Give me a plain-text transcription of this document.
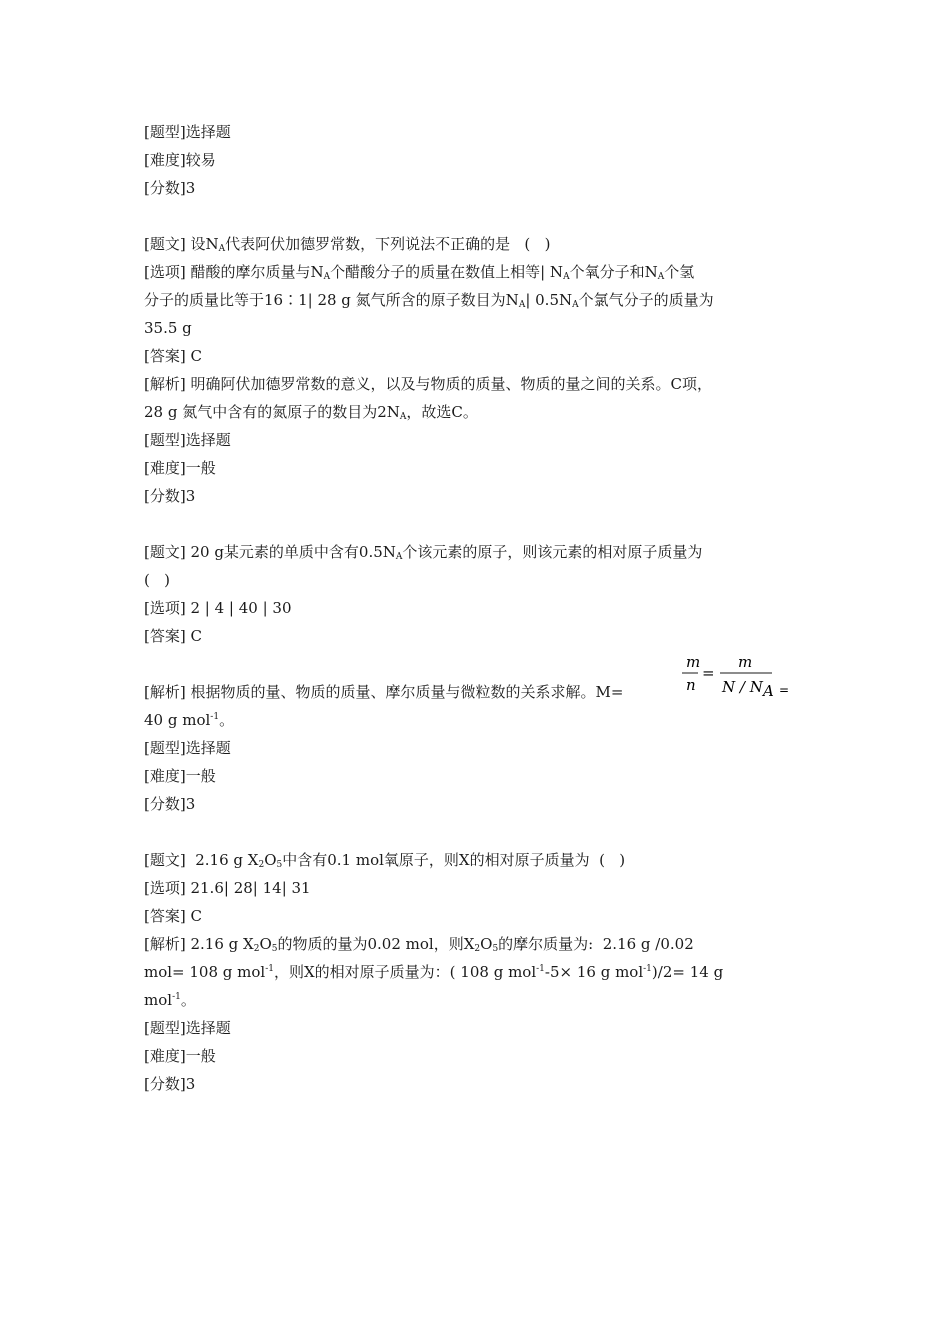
[题型]选择题
[难度]较易
[分数]3
[题文] 设$N_A$代表阿伏加德罗常数，下列说法不正确的是   (   )
[选项] 醋酸的摩尔质量与$N_A$个醋酸分子的质量在数值上相等| $N_A$个氧分子和$N_A$个氢
分子的质量比等于16∶1| 28 g 氮气所含的原子数目为$N_A|$ $0.5N_A$个氯气分子的质量为
35.5 g
[答案] C
[解析] 明确阿伏加德罗常数的意义，以及与物质的质量、物质的量之间的关系。C项，
28 g 氮气中含有的氮原子的数目为$2N_A$，故选C。
[题型]选择题
[难度]一般
[分数]3
[题文] 20 g某元素的单质中含有$0.5N_A$个该元素的原子，则该元素的相对原子质量为
(   )
[选项] 2 | 4 | 40 | 30
[答案] C
[解析] 根据物质的量、物质的质量、摩尔质量与微粒数的关系求解。M=
m
n
=
m
N / N A =
40 g mol$^{-1}$。
[题型]选择题
[难度]一般
[分数]3
[题文]  2.16 g $X_2O_5$中含有0.1 mol氧原子，则X的相对原子质量为  (   )
[选项] 21.6| 28| 14| 31
[答案] C
[解析] 2.16 g $X_2O_5$的物质的量为0.02 mol，则$X_2O_5$的摩尔质量为:  2.16 g /0.02
mol= 108 g mol$^{-1}$，则X的相对原子质量为：( 108 g mol$^{-1}$-5× 16 g mol$^{-1}$)/2= 14 g
mol$^{-1}$。
[题型]选择题
[难度]一般
[分数]3
